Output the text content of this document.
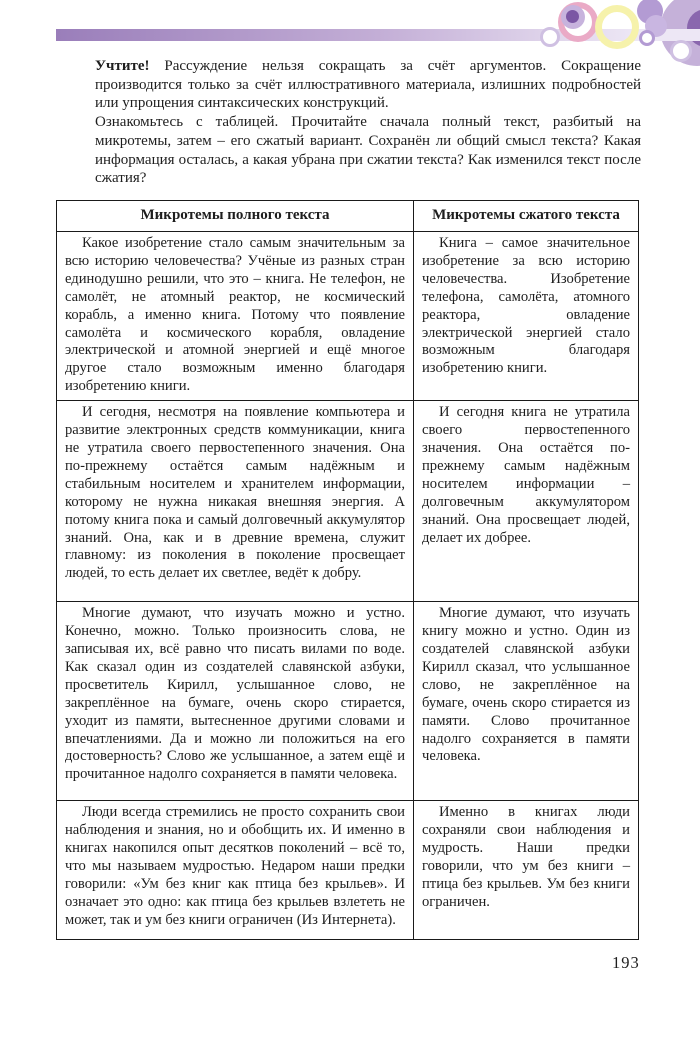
Учтите! Рассуждение нельзя сокращать за счёт аргументов. Сокращение производится только за счёт иллюстративного материала, излишних подробностей или упрощения синтаксических конструкций.

Ознакомьтесь с таблицей. Прочитайте сначала полный текст, разбитый на микротемы, затем – его сжатый вариант. Сохранён ли общий смысл текста? Какая информация осталась, а какая убрана при сжатии текста? Как изменился текст после сжатия?

Микротемы полного текста	Микротемы сжатого текста
Какое изобретение стало самым значительным за всю историю человечества? Учёные из разных стран единодушно решили, что это – книга. Не телефон, не самолёт, не атомный реактор, не космический корабль, а именно книга. Потому что появление самолёта и космического корабля, овладение электрической и атомной энергией и ещё многое другое стало возможным именно благодаря изобретению книги.	Книга – самое значительное изобретение за всю историю человечества. Изобретение телефона, самолёта, атомного реактора, овладение электрической энергией стало возможным благодаря изобретению книги.
И сегодня, несмотря на появление компьютера и развитие электронных средств коммуникации, книга не утратила своего первостепенного значения. Она по-прежнему остаётся самым надёжным и стабильным носителем и хранителем информации, которому не нужна никакая внешняя энергия. А потому книга пока и самый долговечный аккумулятор знаний. Она, как и в древние времена, служит главному: из поколения в поколение просвещает людей, то есть делает их светлее, ведёт к добру.	И сегодня книга не утратила своего первостепенного значения. Она остаётся по-прежнему самым надёжным носителем информации – долговечным аккумулятором знаний. Она просвещает людей, делает их добрее.
Многие думают, что изучать можно и устно. Конечно, можно. Только произносить слова, не записывая их, всё равно что писать вилами по воде. Как сказал один из создателей славянской азбуки, просветитель Кирилл, услышанное слово, не закреплённое на бумаге, очень скоро стирается, уходит из памяти, вытесненное другими словами и впечатлениями. Да и можно ли положиться на его достоверность? Слово же услышанное, а затем ещё и прочитанное надолго сохраняется в памяти человека.	Многие думают, что изучать книгу можно и устно. Один из создателей славянской азбуки Кирилл сказал, что услышанное слово, не закреплённое на бумаге, очень скоро стирается из памяти. Слово прочитанное надолго сохраняется в памяти человека.
Люди всегда стремились не просто сохранить свои наблюдения и знания, но и обобщить их. И именно в книгах накопился опыт десятков поколений – всё то, что мы называем мудростью. Недаром наши предки говорили: «Ум без книг как птица без крыльев». И означает это одно: как птица без крыльев взлететь не может, так и ум без книги ограничен (Из Интернета).	Именно в книгах люди сохраняли свои наблюдения и мудрость. Наши предки говорили, что ум без книги – птица без крыльев. Ум без книги ограничен.
193
